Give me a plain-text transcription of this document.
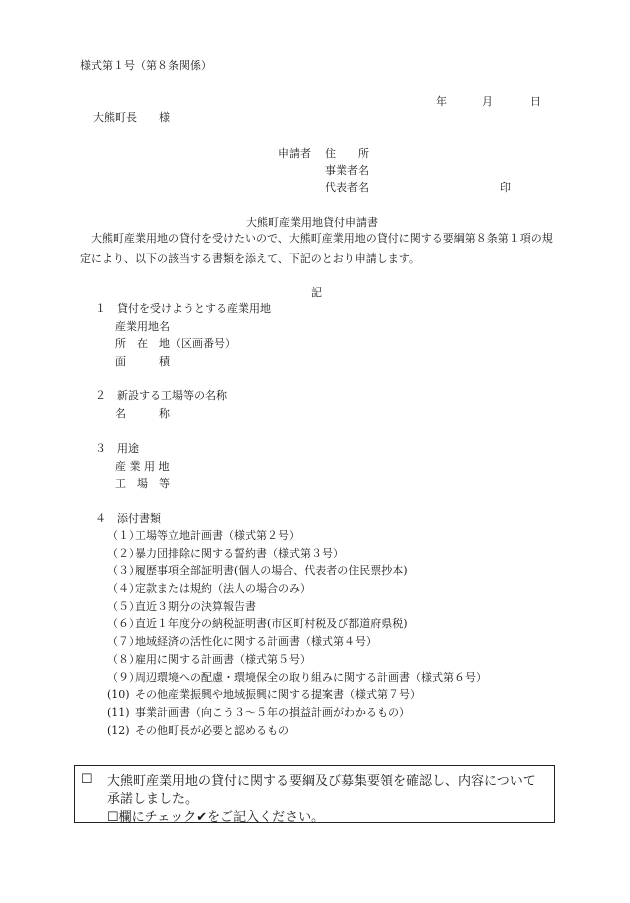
様式第１号（第８条関係）
年	月	日
大熊町長　　様
申請者 住　　所
事業者名
代表者名	印
大熊町産業用地貸付申請書
　大熊町産業用地の貸付を受けたいので、大熊町産業用地の貸付に関する要綱第８条第１項の規定により、以下の該当する書類を添えて、下記のとおり申請します。
記
１ 貸付を受けようとする産業用地
産業用地名
所　在　地（区画番号）
面　　　積
２ 新設する工場等の名称
名　　　称
３ 用途
産 業 用 地
工　場　等
４ 添付書類
（１）工場等立地計画書（様式第２号）
（２）暴力団排除に関する誓約書（様式第３号）
（３）履歴事項全部証明書(個人の場合、代表者の住民票抄本)
（４）定款または規約（法人の場合のみ）
（５）直近３期分の決算報告書
（６）直近１年度分の納税証明書(市区町村税及び都道府県税)
（７）地域経済の活性化に関する計画書（様式第４号）
（８）雇用に関する計画書（様式第５号）
（９）周辺環境への配慮・環境保全の取り組みに関する計画書（様式第６号）
(10) その他産業振興や地域振興に関する提案書（様式第７号）
(11) 事業計画書（向こう３～５年の損益計画がわかるもの）
(12) その他町長が必要と認めるもの
☐ 大熊町産業用地の貸付に関する要綱及び募集要領を確認し、内容について
承諾しました。
☐欄にチェック✔をご記入ください。
